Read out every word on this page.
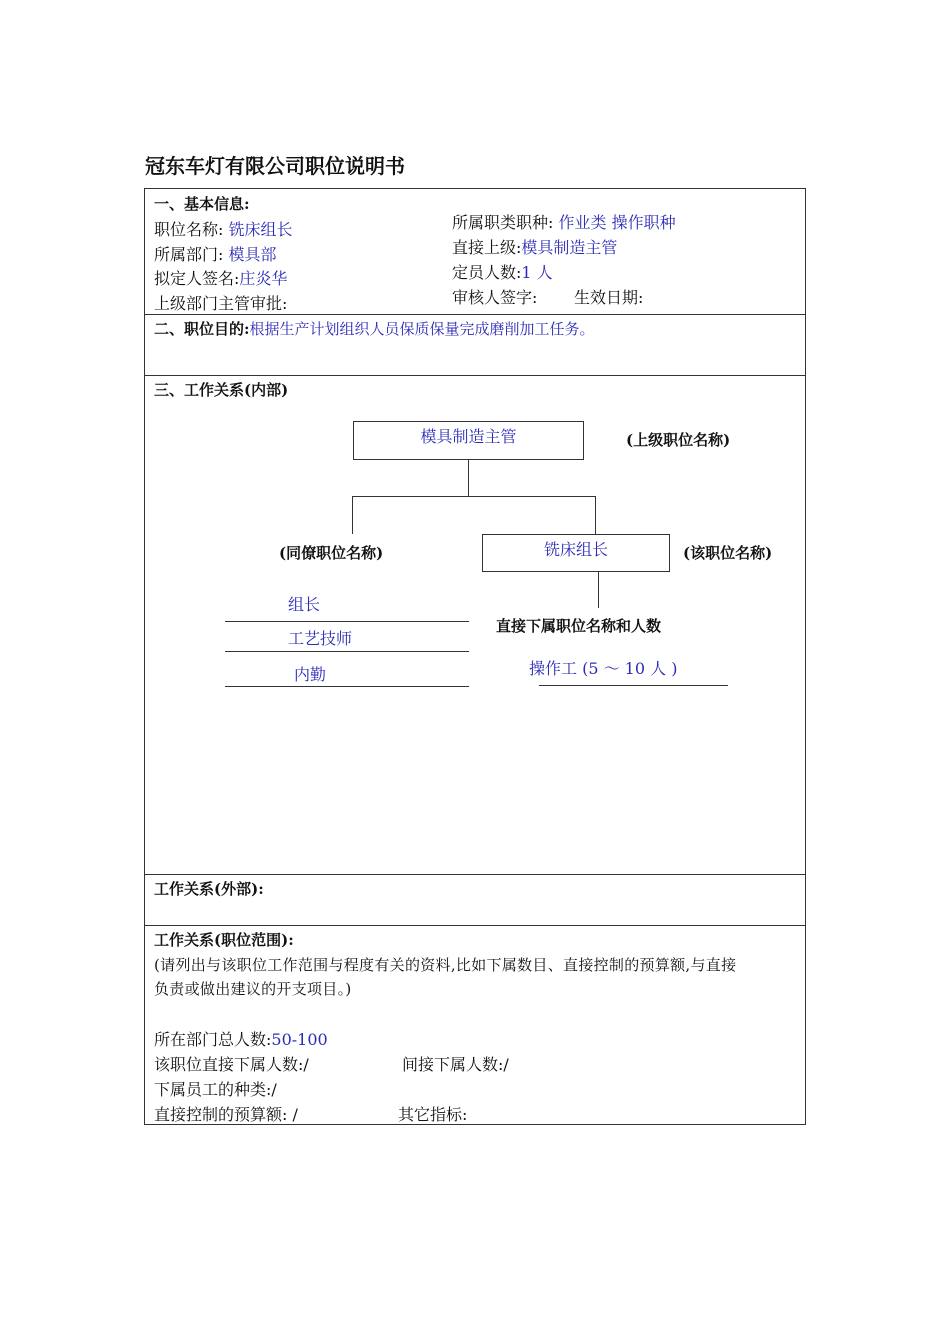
冠东车灯有限公司职位说明书
一、基本信息:
职位名称: 铣床组长
所属部门: 模具部
拟定人签名:庄炎华
上级部门主管审批:
所属职类职种: 作业类 操作职种
直接上级:模具制造主管
定员人数:1 人
审核人签字: 生效日期:
二、职位目的:根据生产计划组织人员保质保量完成磨削加工任务。
三、工作关系(内部)
模具制造主管	(上级职位名称)
铣床组长	(该职位名称)
(同僚职位名称)
组长
工艺技师
内勤
直接下属职位名称和人数
操作工 (5 ～ 10 人 )
工作关系(外部):
工作关系(职位范围):
(请列出与该职位工作范围与程度有关的资料,比如下属数目、直接控制的预算额,与直接
负责或做出建议的开支项目。)
所在部门总人数:50-100
该职位直接下属人数:/	间接下属人数:/
下属员工的种类:/
直接控制的预算额: /	其它指标:
